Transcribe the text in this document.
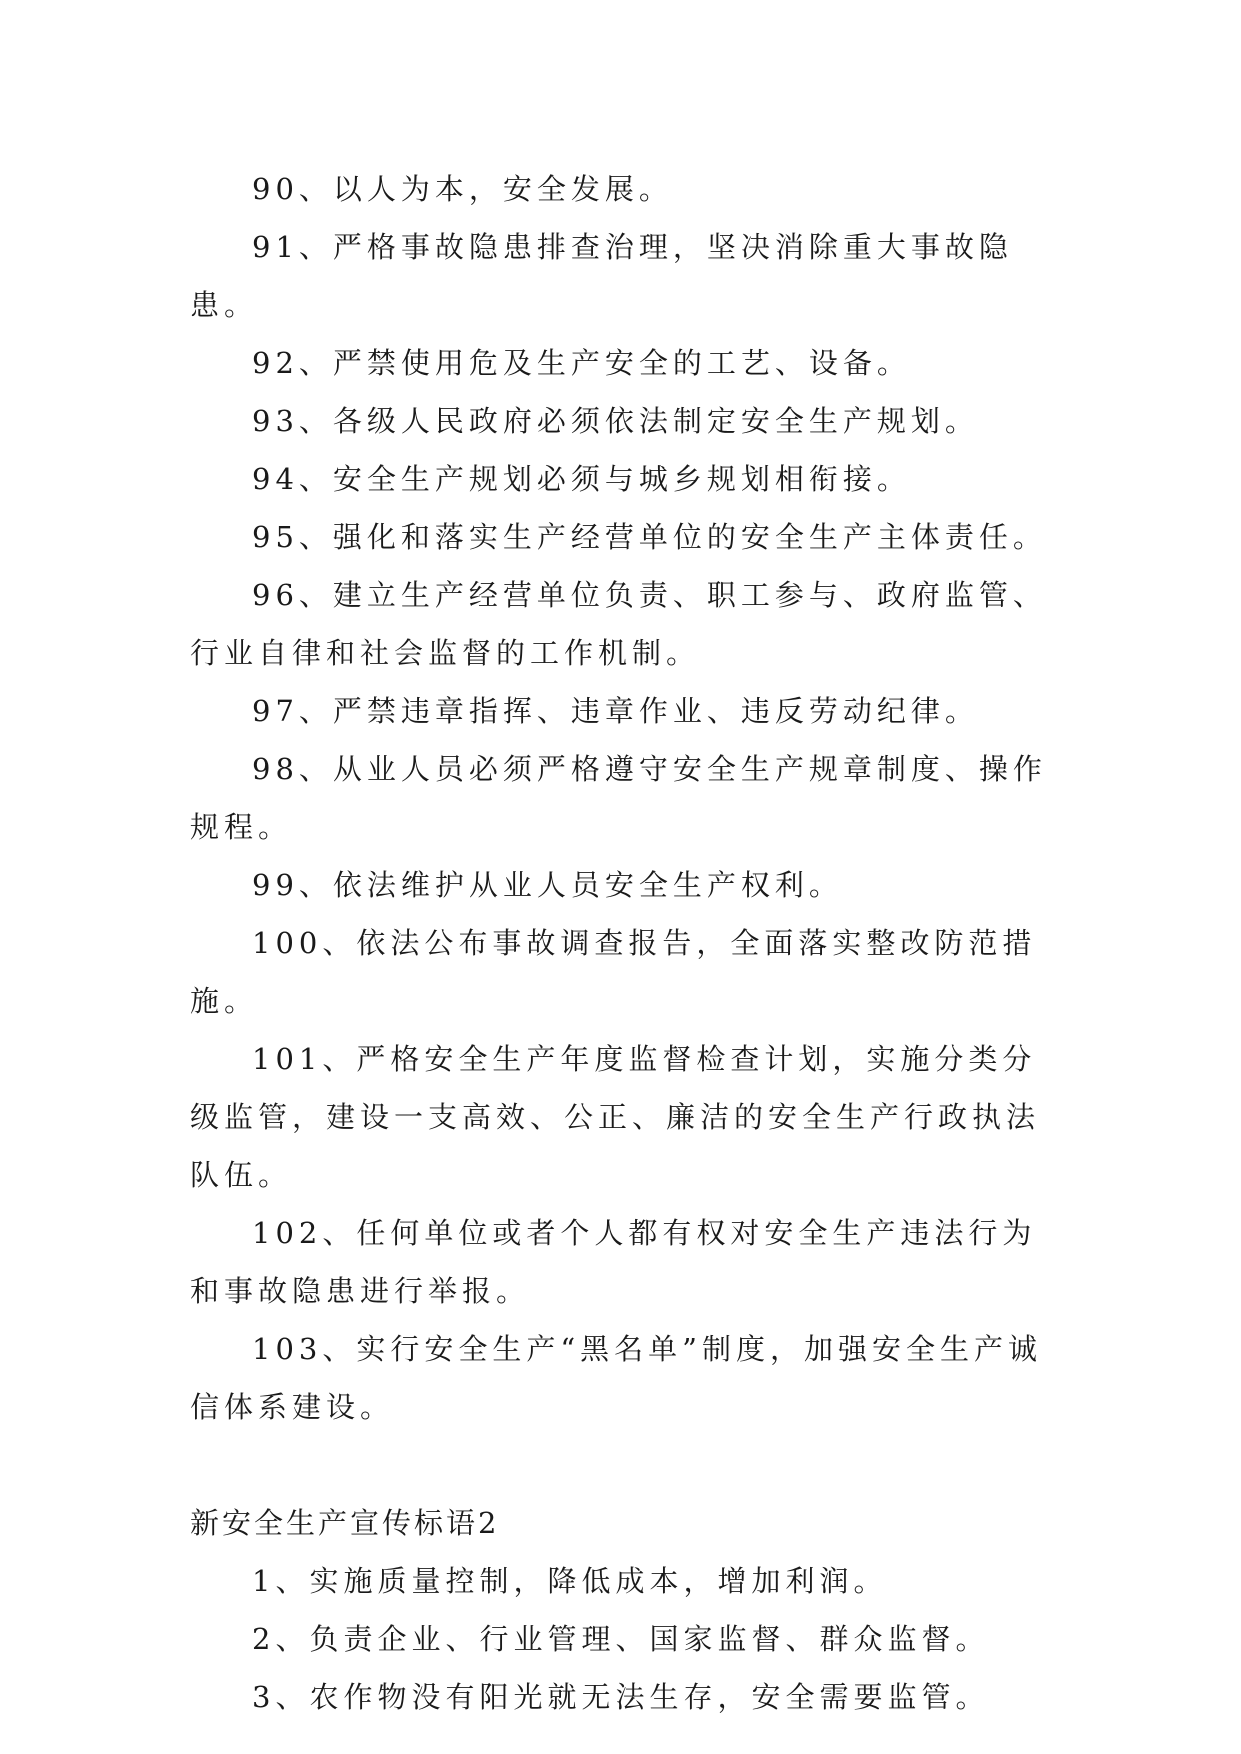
90、以人为本，安全发展。

91、严格事故隐患排查治理，坚决消除重大事故隐患。

92、严禁使用危及生产安全的工艺、设备。

93、各级人民政府必须依法制定安全生产规划。

94、安全生产规划必须与城乡规划相衔接。

95、强化和落实生产经营单位的安全生产主体责任。

96、建立生产经营单位负责、职工参与、政府监管、行业自律和社会监督的工作机制。

97、严禁违章指挥、违章作业、违反劳动纪律。

98、从业人员必须严格遵守安全生产规章制度、操作规程。

99、依法维护从业人员安全生产权利。

100、依法公布事故调查报告，全面落实整改防范措施。

101、严格安全生产年度监督检查计划，实施分类分级监管，建设一支高效、公正、廉洁的安全生产行政执法队伍。

102、任何单位或者个人都有权对安全生产违法行为和事故隐患进行举报。

103、实行安全生产“黑名单”制度，加强安全生产诚信体系建设。

新安全生产宣传标语2

1、实施质量控制，降低成本，增加利润。

2、负责企业、行业管理、国家监督、群众监督。

3、农作物没有阳光就无法生存，安全需要监管。
